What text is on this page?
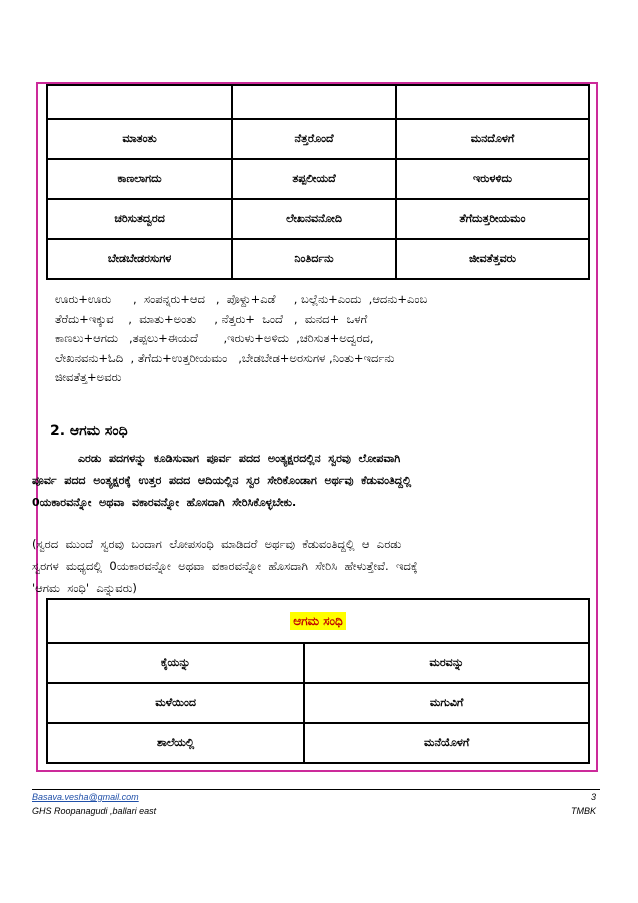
ಮಾತಂತು	ನೆತ್ತರೊಂದೆ	ಮನದೊಳಗೆ
ಕಾಣಲಾಗದು	ತಪ್ಪಲೀಯದೆ	ಇರುಳಳಿದು
ಚರಿಸುತದ್ವರದ	ಲೇಖನವನೋದಿ	ತೆಗೆದುತ್ತರೀಯಮಂ
ಬೇಡಬೇಡರಸುಗಳ	ನಿಂತಿರ್ದನು	ಜೀವತೆತ್ತವರು
ಊರು+ಊರು      ,  ಸಂಪನ್ನರು+ಆದ   ,  ಪೊಳ್ದು+ಎಡೆ     , ಬಲ್ಲೆನು+ಎಂದು  ,ಆದನು+ಎಂಬ
ತೆರೆದು+ಇಕ್ಕುವ    ,  ಮಾತು+ಅಂತು     , ನೆತ್ತರು+  ಒಂದೆ   ,  ಮನದ+  ಒಳಗೆ
ಕಾಣಲು+ಆಗದು   ,ತಪ್ಪಲು+ಈಯದೆ       ,ಇರುಳು+ಅಳಿದು  ,ಚರಿಸುತ+ಅದ್ವರದ,
ಲೇಖನವನು+ಓದಿ  , ತೆಗೆದು+ಉತ್ತರೀಯಮಂ   ,ಬೇಡಬೇಡ+ಅರಸುಗಳ ,ನಿಂತು+ಇರ್ದನು
ಜೀವತೆತ್ತ+ಅವರು
2. ಆಗಮ ಸಂಧಿ
ಎರಡು  ಪದಗಳನ್ನು  ಕೂಡಿಸುವಾಗ  ಪೂರ್ವ  ಪದದ  ಅಂತ್ಯಕ್ಷರದಲ್ಲಿನ  ಸ್ವರವು  ಲೋಪವಾಗಿ
ಪೂರ್ವ  ಪದದ  ಅಂತ್ಯಕ್ಷರಕ್ಕೆ  ಉತ್ತರ  ಪದದ  ಆದಿಯಲ್ಲಿನ  ಸ್ವರ  ಸೇರಿಕೊಂಡಾಗ  ಅರ್ಥವು  ಕೆಡುವಂತಿದ್ದಲ್ಲಿ
0ಯಕಾರವನ್ನೋ  ಅಥವಾ  ವಕಾರವನ್ನೋ  ಹೊಸದಾಗಿ  ಸೇರಿಸಿಕೊಳ್ಳಬೇಕು.
(ಸ್ವರದ  ಮುಂದೆ  ಸ್ವರವು  ಬಂದಾಗ  ಲೋಪಸಂಧಿ  ಮಾಡಿದರೆ  ಅರ್ಥವು  ಕೆಡುವಂತಿದ್ದಲ್ಲಿ  ಆ  ಎರಡು
ಸ್ವರಗಳ  ಮಧ್ಯದಲ್ಲಿ  0ಯಕಾರವನ್ನೋ  ಅಥವಾ  ವಕಾರವನ್ನೋ  ಹೊಸದಾಗಿ  ಸೇರಿಸಿ  ಹೇಳುತ್ತೇವೆ.  ಇದಕ್ಕೆ
'ಆಗಮ  ಸಂಧಿ'  ಎನ್ನುವರು)
ಆಗಮ ಸಂಧಿ	
ಕೈಯನ್ನು	ಮರವನ್ನು
ಮಳೆಯಿಂದ	ಮಗುವಿಗೆ
ಶಾಲೆಯಲ್ಲಿ	ಮನೆಯೊಳಗೆ
Basava.vesha@gmail.com	3
GHS Roopanagudi ,ballari east	TMBK
